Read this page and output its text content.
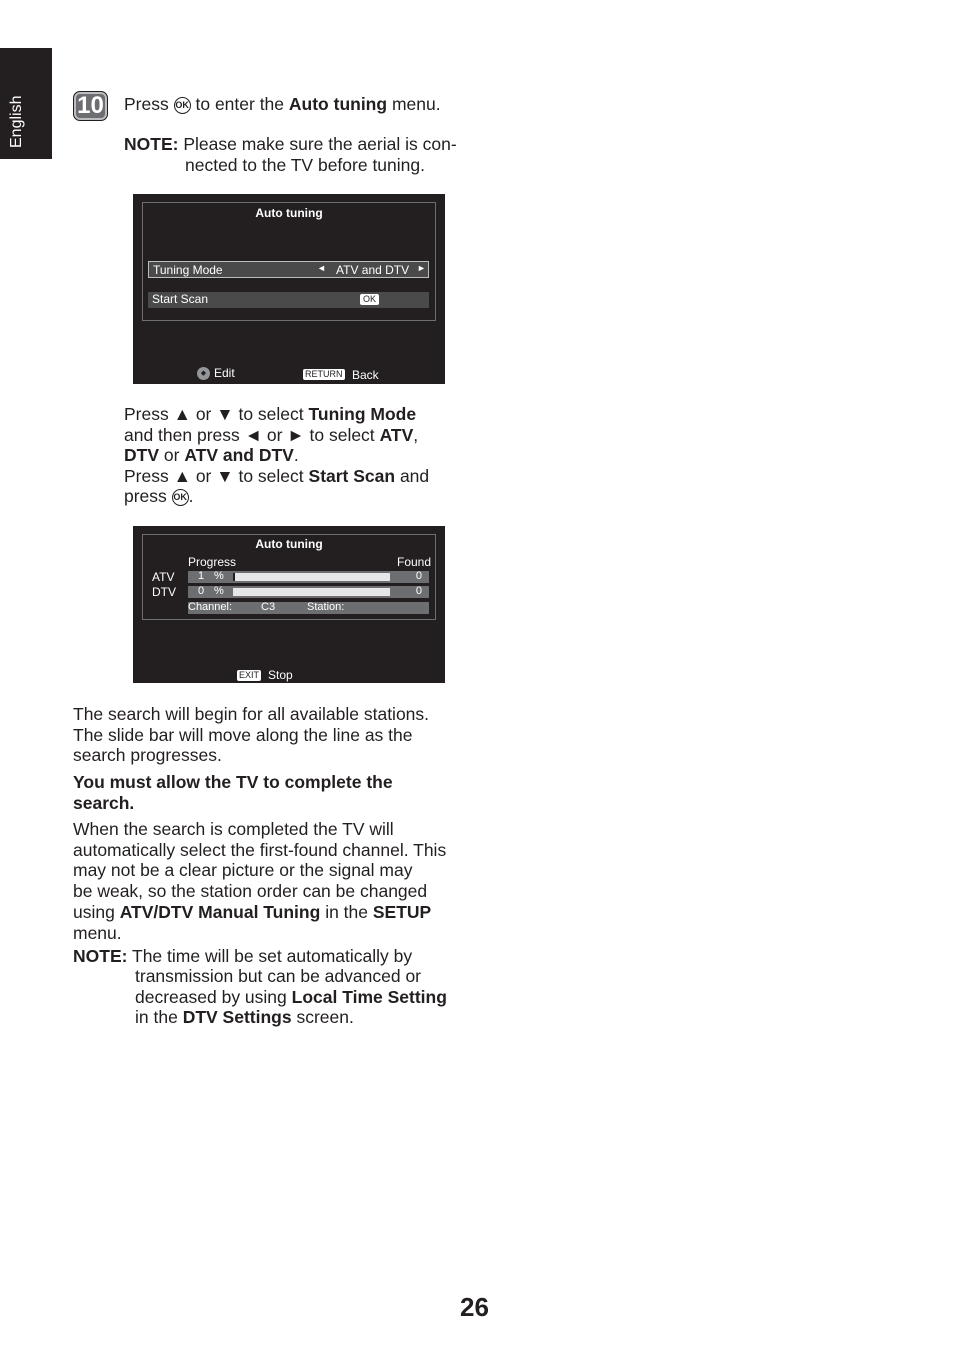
English 10 Press OK to enter the Auto tuning menu.
NOTE: Please make sure the aerial is con-
nected to the TV before tuning.
Auto tuning
Tuning Mode	◄ ATV and DTV ►
Start Scan	OK
◆ Edit	RETURN Back
Press ▲ or ▼ to select Tuning Mode
and then press ◄ or ► to select ATV,
DTV or ATV and DTV.
Press ▲ or ▼ to select Start Scan and
press OK .
Auto tuning
Progress	Found
ATV 1 %	0
DTV 0 %	0
Channel:	C3	Station:
EXIT Stop
The search will begin for all available stations.
The slide bar will move along the line as the
search progresses.
You must allow the TV to complete the
search.
When the search is completed the TV will
automatically select the first-found channel. This
may not be a clear picture or the signal may
be weak, so the station order can be changed
using ATV/DTV Manual Tuning in the SETUP
menu.
NOTE: The time will be set automatically by
transmission but can be advanced or
decreased by using Local Time Setting
in the DTV Settings screen.
26
